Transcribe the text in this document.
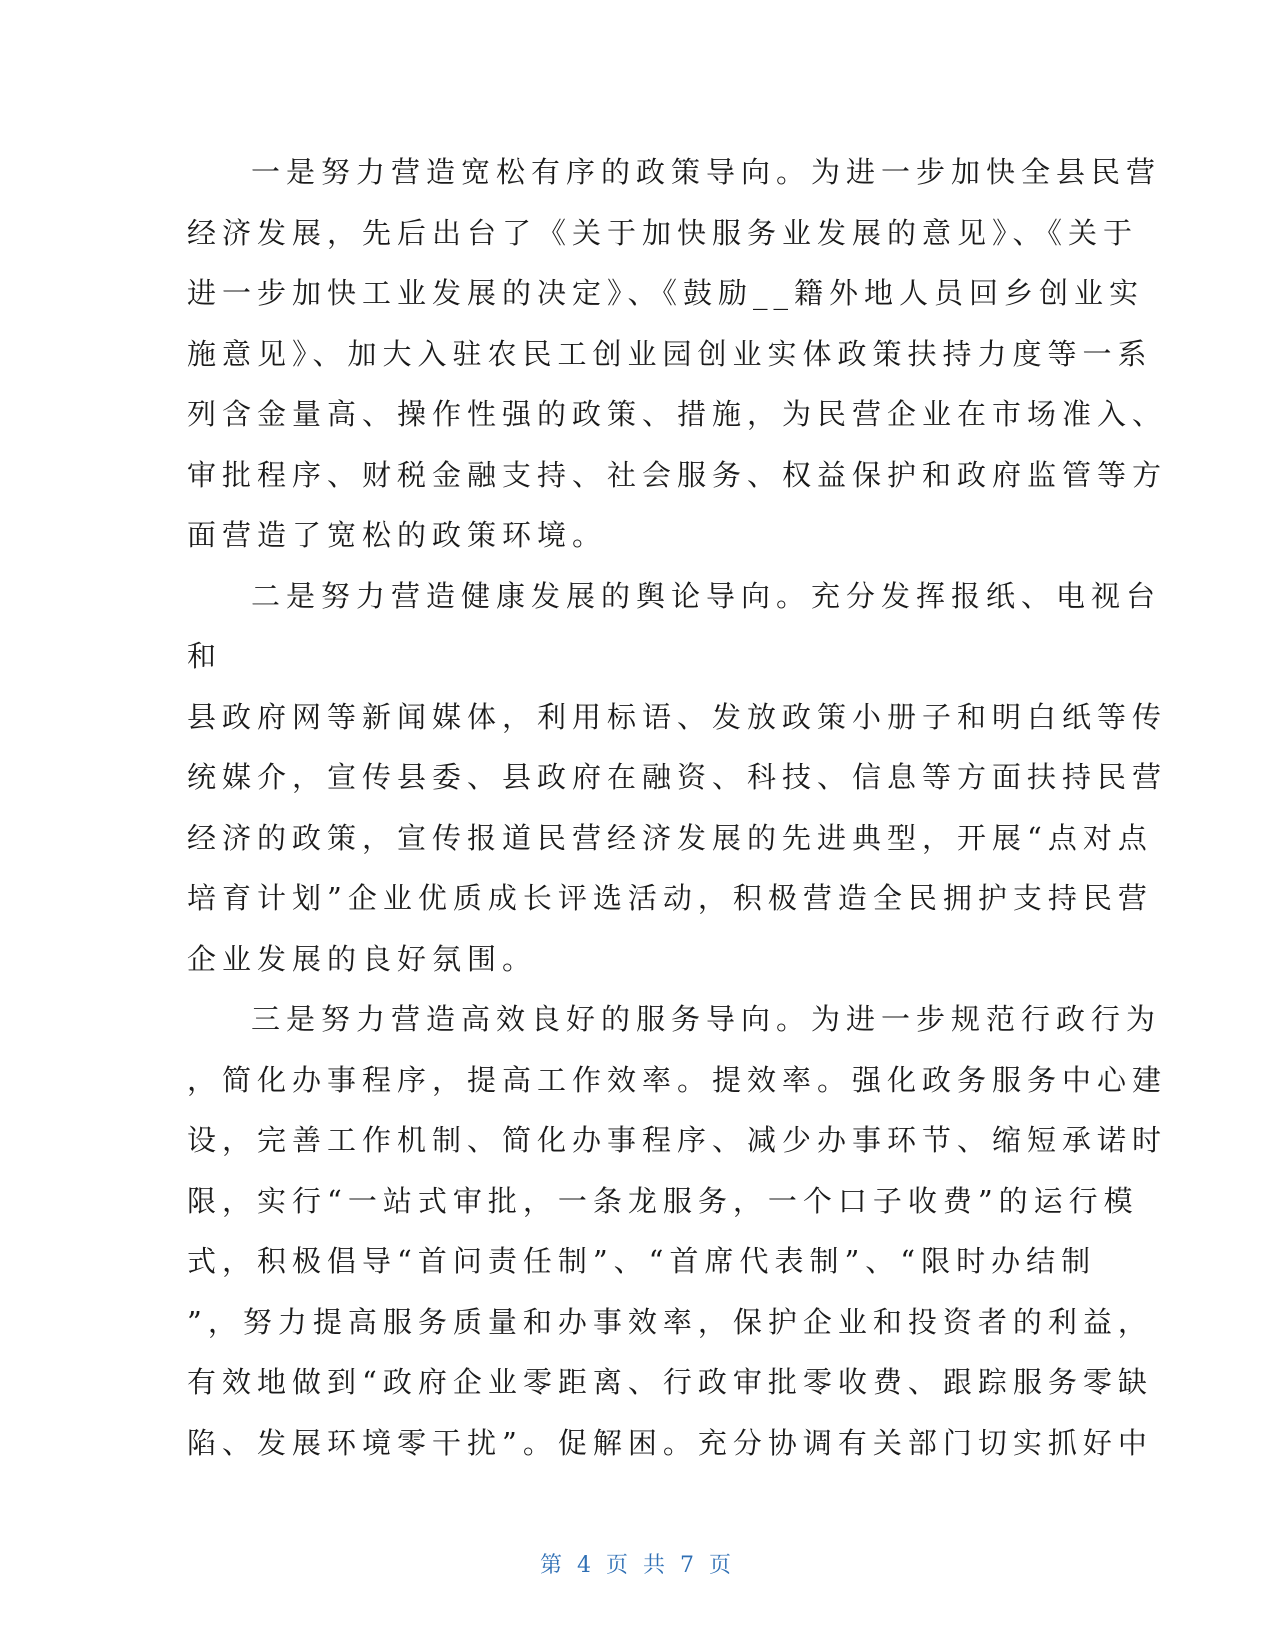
一是努力营造宽松有序的政策导向。为进一步加快全县民营
经济发展，先后出台了《关于加快服务业发展的意见》、《关于
进一步加快工业发展的决定》、《鼓励__籍外地人员回乡创业实
施意见》、加大入驻农民工创业园创业实体政策扶持力度等一系
列含金量高、操作性强的政策、措施，为民营企业在市场准入、
审批程序、财税金融支持、社会服务、权益保护和政府监管等方
面营造了宽松的政策环境。
二是努力营造健康发展的舆论导向。充分发挥报纸、电视台
和
县政府网等新闻媒体，利用标语、发放政策小册子和明白纸等传
统媒介，宣传县委、县政府在融资、科技、信息等方面扶持民营
经济的政策，宣传报道民营经济发展的先进典型，开展“点对点
培育计划”企业优质成长评选活动，积极营造全民拥护支持民营
企业发展的良好氛围。
三是努力营造高效良好的服务导向。为进一步规范行政行为
，简化办事程序，提高工作效率。提效率。强化政务服务中心建
设，完善工作机制、简化办事程序、减少办事环节、缩短承诺时
限，实行“一站式审批，一条龙服务，一个口子收费”的运行模
式，积极倡导“首问责任制”、“首席代表制”、“限时办结制
”，努力提高服务质量和办事效率，保护企业和投资者的利益，
有效地做到“政府企业零距离、行政审批零收费、跟踪服务零缺
陷、发展环境零干扰”。促解困。充分协调有关部门切实抓好中
第 4 页 共 7 页
